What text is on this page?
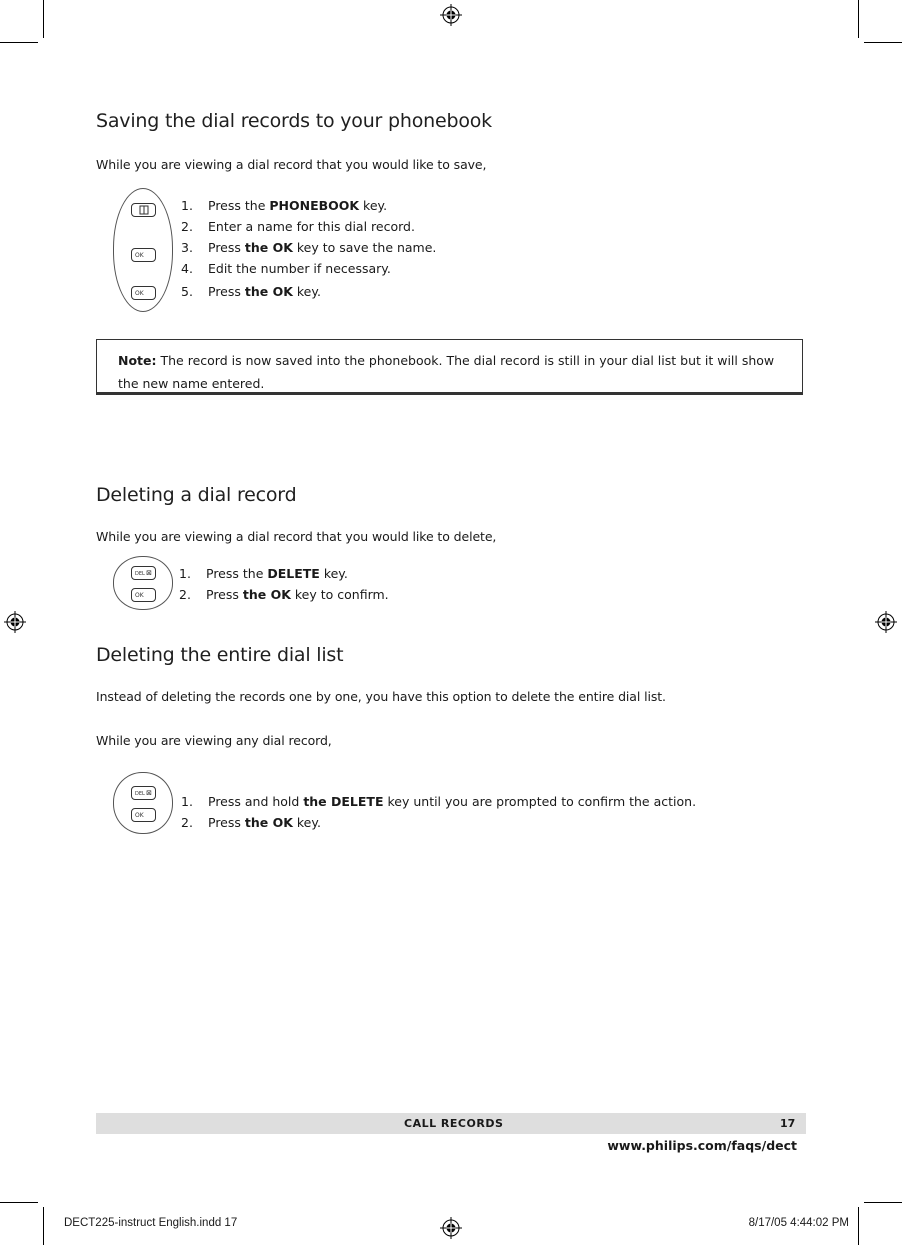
Saving the dial records to your phonebook

While you are viewing a dial record that you would like to save,

OK
OK
1. Press the PHONEBOOK key.
2. Enter a name for this dial record.
3. Press the OK key to save the name.
4. Edit the number if necessary.
5. Press the OK key.
Note: The record is now saved into the phonebook. The dial record is still in your dial list but it will show the new name entered.
Deleting a dial record

While you are viewing a dial record that you would like to delete,

DEL ⊠
OK
1. Press the DELETE key.
2. Press the OK key to confirm.
Deleting the entire dial list

Instead of deleting the records one by one, you have this option to delete the entire dial list.

While you are viewing any dial record,

DEL ⊠
OK
1. Press and hold the DELETE key until you are prompted to confirm the action.
2. Press the OK key.
CALL RECORDS	17
www.philips.com/faqs/dect
DECT225-instruct English.indd 17	8/17/05 4:44:02 PM
